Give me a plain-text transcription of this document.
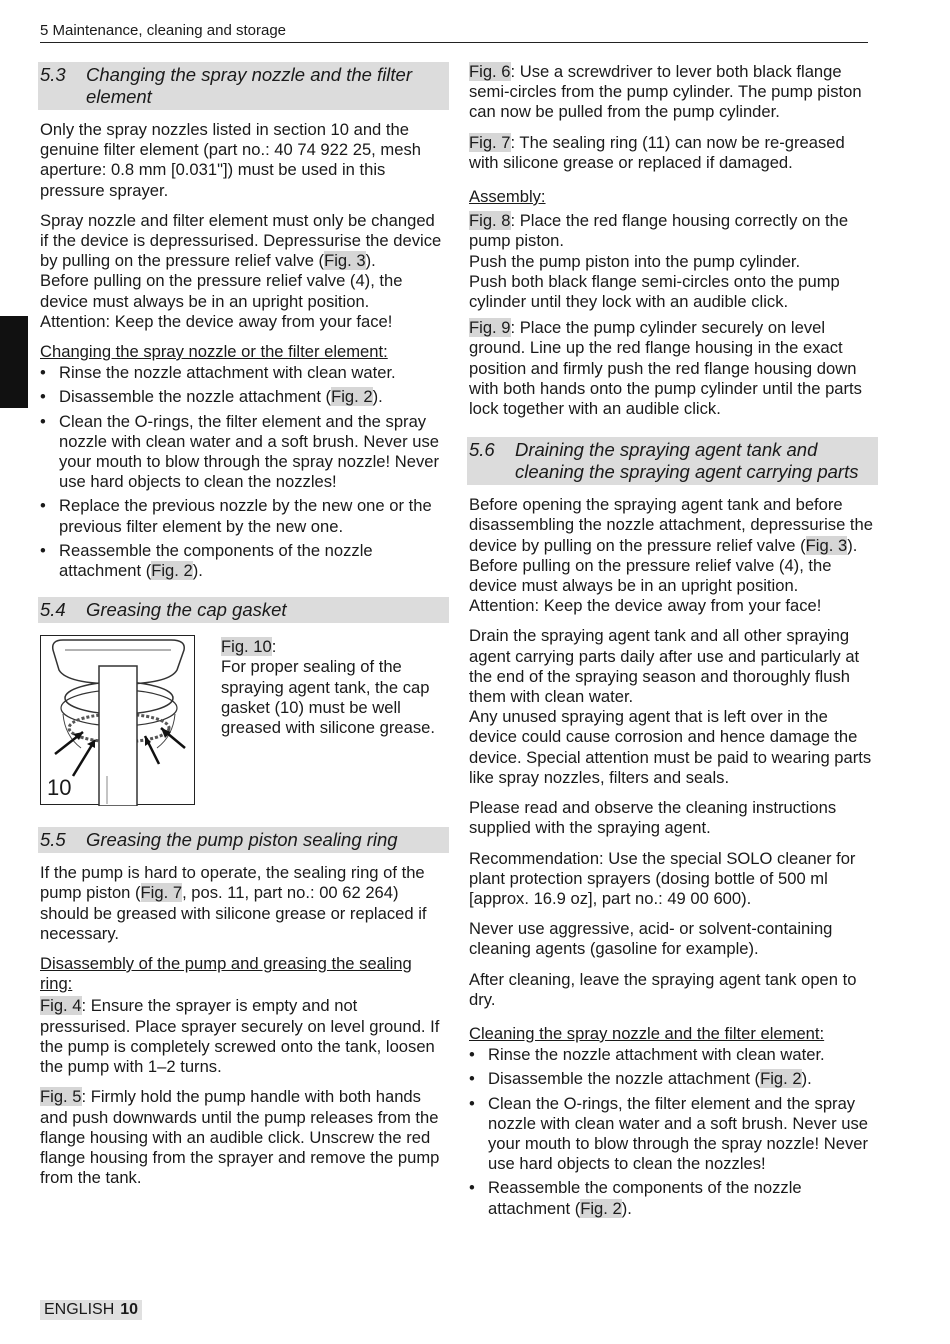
5 Maintenance, cleaning and storage
5.3	Changing the spray nozzle and the filter element

Only the spray nozzles listed in section 10 and the genuine filter element (part no.: 40 74 922 25, mesh aperture: 0.8 mm [0.031"]) must be used in this pressure sprayer.

Spray nozzle and filter element must only be changed if the device is depressurised. Depressurise the device by pulling on the pressure relief valve (Fig. 3).
Before pulling on the pressure relief valve (4), the device must always be in an upright position.
Attention: Keep the device away from your face!

Changing the spray nozzle or the filter element:
• Rinse the nozzle attachment with clean water.
• Disassemble the nozzle attachment (Fig. 2).
• Clean the O-rings, the filter element and the spray nozzle with clean water and a soft brush. Never use your mouth to blow through the spray nozzle! Never use hard objects to clean the nozzles!
• Replace the previous nozzle by the new one or the previous filter element by the new one.
• Reassemble the components of the nozzle attachment (Fig. 2).
5.4	Greasing the cap gasket
10
Fig. 10:
For proper sealing of the spraying agent tank, the cap gasket (10) must be well greased with silicone grease.
5.5	Greasing the pump piston sealing ring

If the pump is hard to operate, the sealing ring of the pump piston (Fig. 7, pos. 11, part no.: 00 62 264) should be greased with silicone grease or replaced if necessary.

Disassembly of the pump and greasing the sealing ring:

Fig. 4: Ensure the sprayer is empty and not pressurised. Place sprayer securely on level ground. If the pump is completely screwed onto the tank, loosen the pump with 1–2 turns.

Fig. 5: Firmly hold the pump handle with both hands and push downwards until the pump releases from the flange housing with an audible click. Unscrew the red flange housing from the sprayer and remove the pump from the tank.

Fig. 6: Use a screwdriver to lever both black flange semi-circles from the pump cylinder. The pump piston can now be pulled from the pump cylinder.

Fig. 7: The sealing ring (11) can now be re-greased with silicone grease or replaced if damaged.

Assembly:

Fig. 8: Place the red flange housing correctly on the pump piston.
Push the pump piston into the pump cylinder.
Push both black flange semi-circles onto the pump cylinder until they lock with an audible click.

Fig. 9: Place the pump cylinder securely on level ground. Line up the red flange housing in the exact position and firmly push the red flange housing down with both hands onto the pump cylinder until the parts lock together with an audible click.

5.6	Draining the spraying agent tank and cleaning the spraying agent carrying parts

Before opening the spraying agent tank and before disassembling the nozzle attachment, depressurise the device by pulling on the pressure relief valve (Fig. 3).
Before pulling on the pressure relief valve (4), the device must always be in an upright position.
Attention: Keep the device away from your face!

Drain the spraying agent tank and all other spraying agent carrying parts daily after use and particularly at the end of the spraying season and thoroughly flush them with clean water.
Any unused spraying agent that is left over in the device could cause corrosion and hence damage the device. Special attention must be paid to wearing parts like spray nozzles, filters and seals.

Please read and observe the cleaning instructions supplied with the spraying agent.

Recommendation: Use the special SOLO cleaner for plant protection sprayers (dosing bottle of 500 ml [approx. 16.9 oz], part no.: 49 00 600).

Never use aggressive, acid- or solvent-containing cleaning agents (gasoline for example).

After cleaning, leave the spraying agent tank open to dry.

Cleaning the spray nozzle and the filter element:
• Rinse the nozzle attachment with clean water.
• Disassemble the nozzle attachment (Fig. 2).
• Clean the O-rings, the filter element and the spray nozzle with clean water and a soft brush. Never use your mouth to blow through the spray nozzle! Never use hard objects to clean the nozzles!
• Reassemble the components of the nozzle attachment (Fig. 2).
ENGLISH 10
